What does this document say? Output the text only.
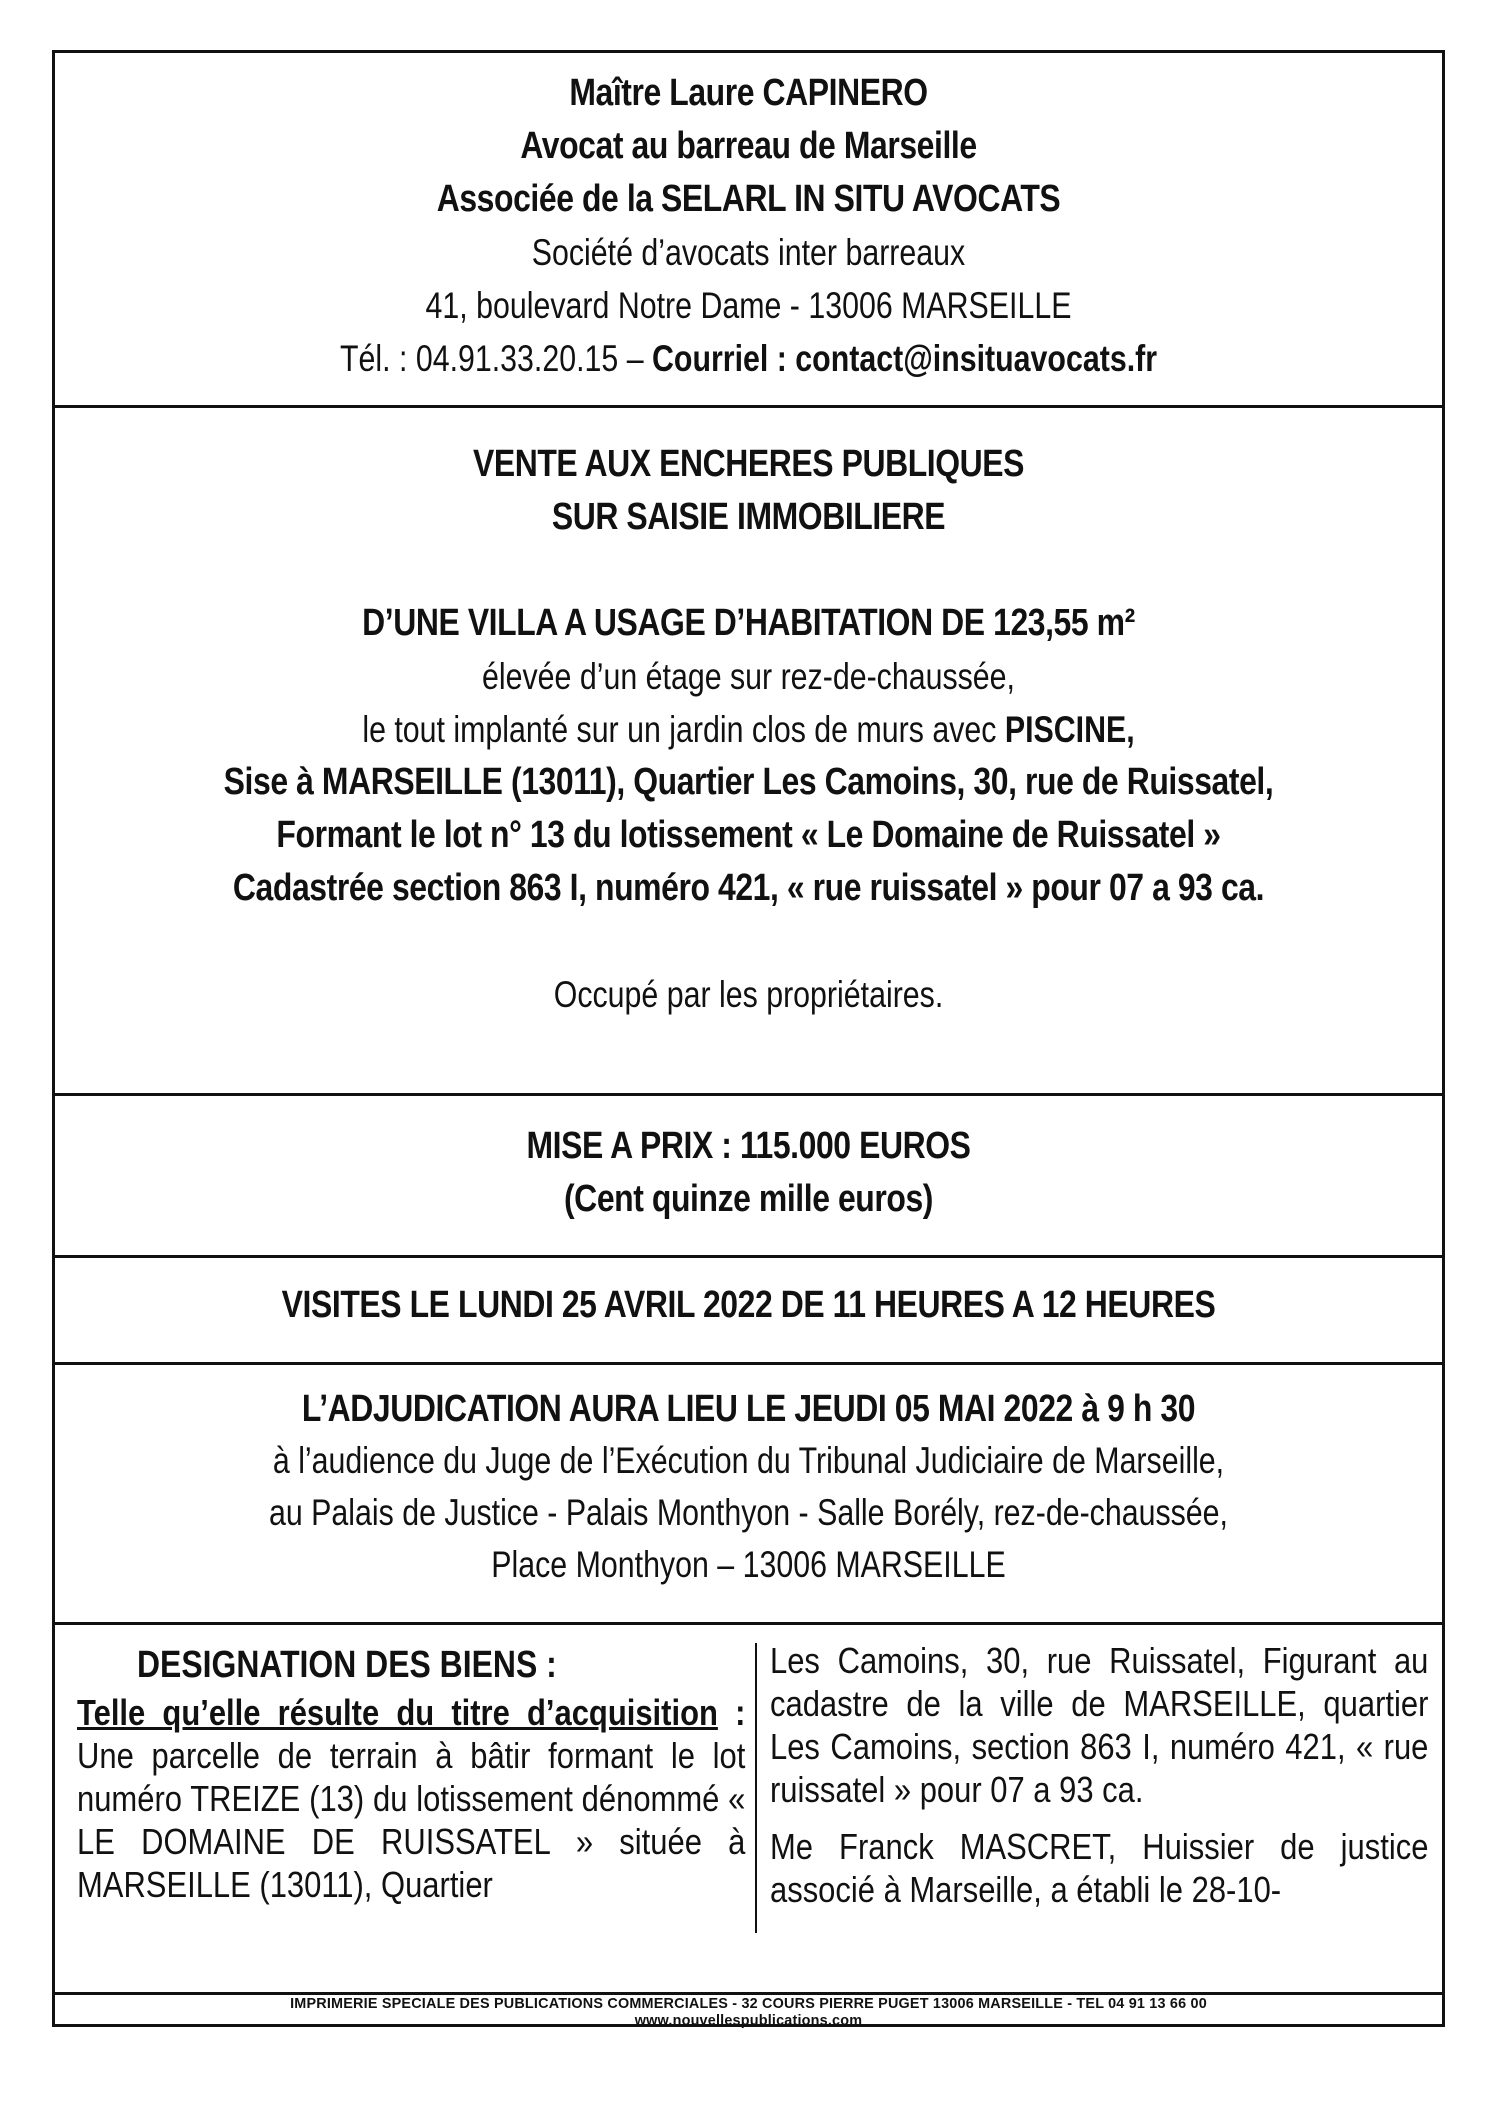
Maître Laure CAPINERO
Avocat au barreau de Marseille
Associée de la SELARL IN SITU AVOCATS
Société d’avocats inter barreaux
41, boulevard Notre Dame - 13006 MARSEILLE
Tél. : 04.91.33.20.15 – Courriel : contact@insituavocats.fr
VENTE AUX ENCHERES PUBLIQUES
SUR SAISIE IMMOBILIERE
D’UNE VILLA A USAGE D’HABITATION DE 123,55 m²
élevée d’un étage sur rez-de-chaussée,
le tout implanté sur un jardin clos de murs avec PISCINE,
Sise à MARSEILLE (13011), Quartier Les Camoins, 30, rue de Ruissatel,
Formant le lot n° 13 du lotissement « Le Domaine de Ruissatel »
Cadastrée section 863 I, numéro 421, « rue ruissatel » pour 07 a 93 ca.
Occupé par les propriétaires.
MISE A PRIX : 115.000 EUROS
(Cent quinze mille euros)
VISITES LE LUNDI 25 AVRIL 2022 DE 11 HEURES A 12 HEURES
L’ADJUDICATION AURA LIEU LE JEUDI 05 MAI 2022 à 9 h 30
à l’audience du Juge de l’Exécution du Tribunal Judiciaire de Marseille,
au Palais de Justice - Palais Monthyon - Salle Borély, rez-de-chaussée,
Place Monthyon – 13006 MARSEILLE
DESIGNATION DES BIENS :
Telle qu’elle résulte du titre d’acquisition : Une parcelle de terrain à bâtir formant le lot numéro TREIZE (13) du lotissement dénommé « LE DOMAINE DE RUISSATEL » située à MARSEILLE (13011), Quartier
Les Camoins, 30, rue Ruissatel, Figurant au cadastre de la ville de MARSEILLE, quartier Les Camoins, section 863 I, numéro 421, « rue ruissatel » pour 07 a 93 ca.
Me Franck MASCRET, Huissier de justice associé à Marseille, a établi le 28-10-
IMPRIMERIE SPECIALE DES PUBLICATIONS COMMERCIALES - 32 COURS PIERRE PUGET 13006 MARSEILLE - TEL 04 91 13 66 00
www.nouvellespublications.com
